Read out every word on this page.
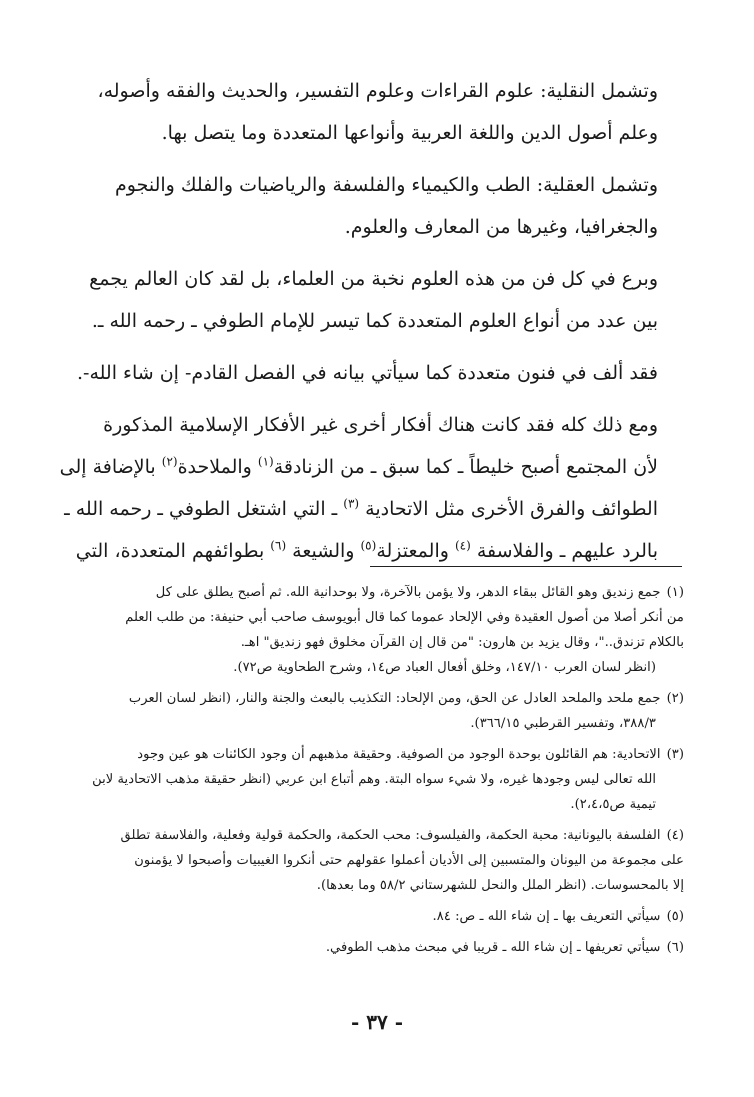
وتشمل النقلية: علوم القراءات وعلوم التفسير، والحديث والفقه وأصوله،
وعلم أصول الدين واللغة العربية وأنواعها المتعددة وما يتصل بها.

وتشمل العقلية: الطب والكيمياء والفلسفة والرياضيات والفلك والنجوم
والجغرافيا، وغيرها من المعارف والعلوم.

وبرع في كل فن من هذه العلوم نخبة من العلماء، بل لقد كان العالم يجمع
بين عدد من أنواع العلوم المتعددة كما تيسر للإمام الطوفي ـ رحمه الله ـ.

فقد ألف في فنون متعددة كما سيأتي بيانه في الفصل القادم- إن شاء الله-.

ومع ذلك كله فقد كانت هناك أفكار أخرى غير الأفكار الإسلامية المذكورة
لأن المجتمع أصبح خليطاً ـ كما سبق ـ من الزنادقة$^{(١)}$ والملاحدة$^{(٢)}$ بالإضافة إلى
الطوائف والفرق الأخرى مثل الاتحادية $^{(٣)}$ ـ التي اشتغل الطوفي ـ رحمه الله ـ
بالرد عليهم ـ والفلاسفة $^{(٤)}$ والمعتزلة$^{(٥)}$ والشيعة $^{(٦)}$ بطوائفهم المتعددة، التي

(١)جمع زنديق وهو القائل ببقاء الدهر، ولا يؤمن بالآخرة، ولا بوحدانية الله. ثم أصبح يطلق على كل
من أنكر أصلا من أصول العقيدة وفي الإلحاد عموما كما قال أبويوسف صاحب أبي حنيفة: من طلب العلم
بالكلام تزندق.."، وقال يزيد بن هارون: "من قال إن القرآن مخلوق فهو زنديق" اهـ.
(انظر لسان العرب ١٤٧/١٠، وخلق أفعال العباد ص١٤، وشرح الطحاوية ص٧٢).
(٢)جمع ملحد والملحد العادل عن الحق، ومن الإلحاد: التكذيب بالبعث والجنة والنار، (انظر لسان العرب
٣٨٨/٣، وتفسير القرطبي ٣٦٦/١٥).
(٣)الاتحادية: هم القائلون بوحدة الوجود من الصوفية. وحقيقة مذهبهم أن وجود الكائنات هو عين وجود
الله تعالى ليس وجودها غيره، ولا شيء سواه البتة. وهم أتباع ابن عربي (انظر حقيقة مذهب الاتحادية لابن
تيمية ص٢،٤،٥).
(٤)الفلسفة باليونانية: محبة الحكمة، والفيلسوف: محب الحكمة، والحكمة قولية وفعلية، والفلاسفة تطلق
على مجموعة من اليونان والمتسبين إلى الأديان أعملوا عقولهم حتى أنكروا الغيبيات وأصبحوا لا يؤمنون
إلا بالمحسوسات. (انظر الملل والنحل للشهرستاني ٥٨/٢ وما بعدها).
(٥)سيأتي التعريف بها ـ إن شاء الله ـ ص: ٨٤.
(٦)سيأتي تعريفها ـ إن شاء الله ـ قريبا في مبحث مذهب الطوفي.
- ٣٧ -
